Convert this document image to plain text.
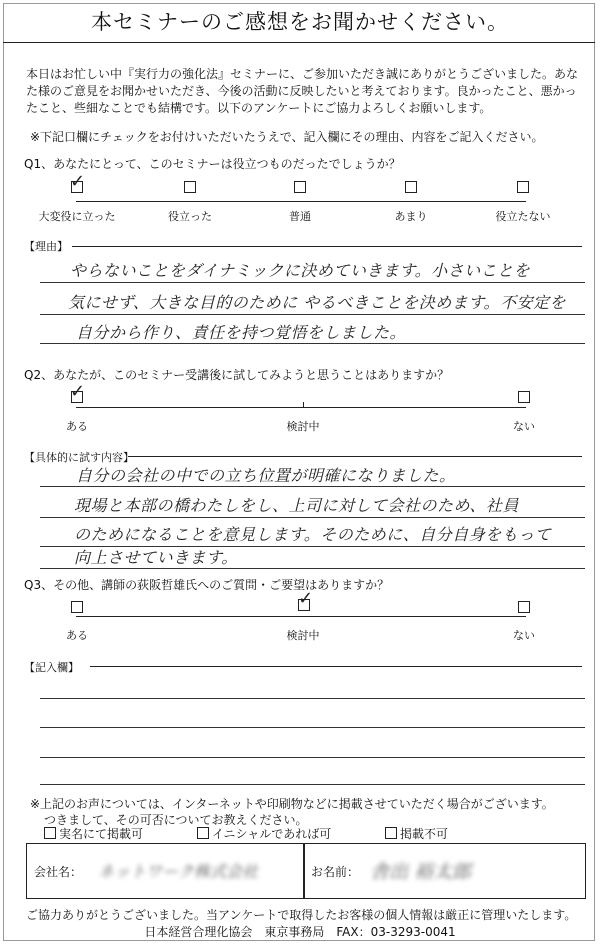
本セミナーのご感想をお聞かせください。
本日はお忙しい中『実行力の強化法』セミナーに、ご参加いただき誠にありがとうございました。あなた様のご意見をお聞かせいただき、今後の活動に反映したいと考えております。良かったこと、悪かったこと、些細なことでも結構です。以下のアンケートにご協力よろしくお願いします。
※下記口欄にチェックをお付けいただいたうえで、記入欄にその理由、内容をご記入ください。
Q1、あなたにとって、このセミナーは役立つものだったでしょうか？
✓
大変役に立った	役立った	普通	あまり	役立たない
【理由】
やらないことをダイナミックに決めていきます。小さいことを
気にせず、大きな目的のために やるべきことを決めます。不安定を
自分から作り、責任を持つ覚悟をしました。
Q2、あなたが、このセミナー受講後に試してみようと思うことはありますか？
✓
ある	検討中	ない
【具体的に試す内容】
自分の会社の中での立ち位置が明確になりました。
現場と本部の橋わたしをし、上司に対して会社のため、社員
のためになることを意見します。そのために、自分自身をもって
向上させていきます。
Q3、その他、講師の荻阪哲雄氏へのご質問・ご要望はありますか？
✓
ある	検討中	ない
【記入欄】
※上記のお声については、インターネットや印刷物などに掲載させていただく場合がございます。
つきまして、その可否についてお教えください。
実名にて掲載可	イニシャルであれば可	掲載不可
会社名： ネットワーク株式会社	お名前： 舎出 裕太郎
ご協力ありがとうございました。当アンケートで取得したお客様の個人情報は厳正に管理いたします。
日本経営合理化協会　東京事務局　FAX：03-3293-0041
